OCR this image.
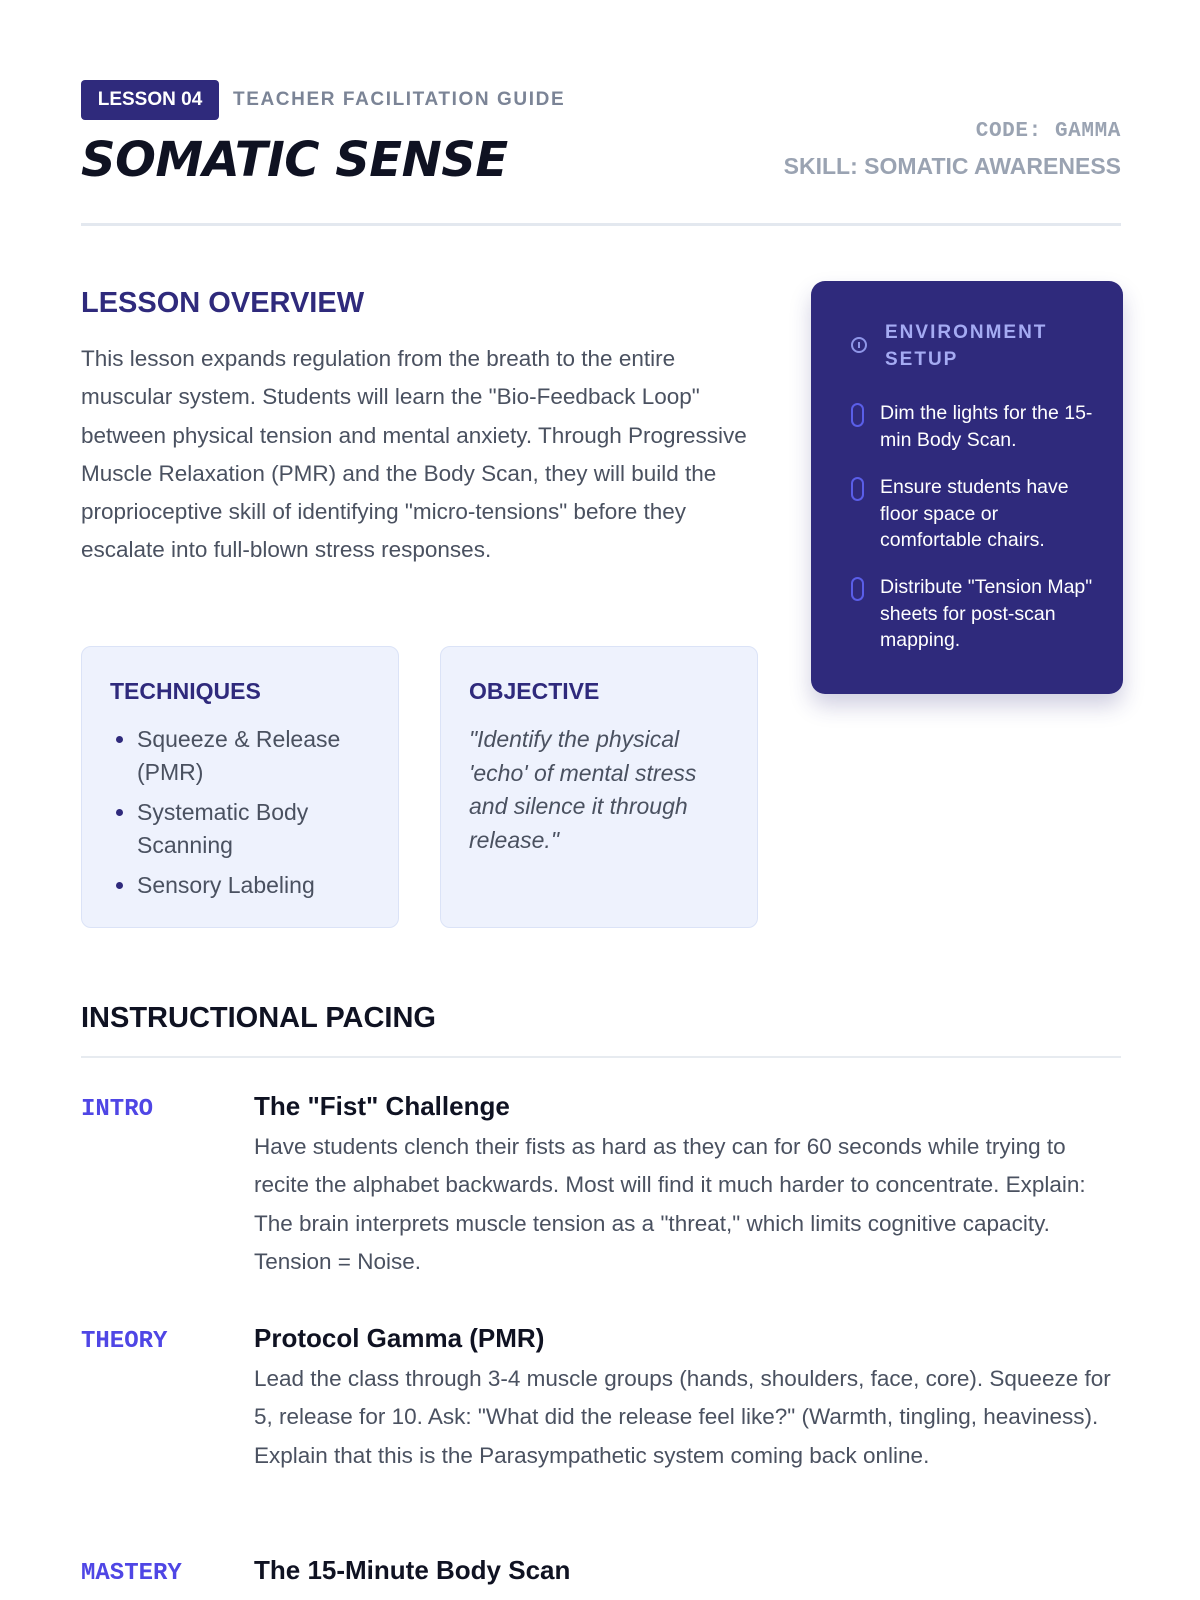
LESSON 04	TEACHER FACILITATION GUIDE
SOMATIC SENSE
CODE: GAMMA
SKILL: SOMATIC AWARENESS
LESSON OVERVIEW

This lesson expands regulation from the breath to the entire muscular system. Students will learn the "Bio-Feedback Loop" between physical tension and mental anxiety. Through Progressive Muscle Relaxation (PMR) and the Body Scan, they will build the proprioceptive skill of identifying "micro-tensions" before they escalate into full-blown stress responses.

TECHNIQUES
• Squeeze & Release (PMR)
• Systematic Body Scanning
• Sensory Labeling
OBJECTIVE

"Identify the physical 'echo' of mental stress and silence it through release."

ENVIRONMENT SETUP
Dim the lights for the 15-min Body Scan.
Ensure students have floor space or comfortable chairs.
Distribute "Tension Map" sheets for post-scan mapping.
INSTRUCTIONAL PACING
INTRO	The "Fist" Challenge

Have students clench their fists as hard as they can for 60 seconds while trying to recite the alphabet backwards. Most will find it much harder to concentrate. Explain: The brain interprets muscle tension as a "threat," which limits cognitive capacity. Tension = Noise.

THEORY	Protocol Gamma (PMR)

Lead the class through 3-4 muscle groups (hands, shoulders, face, core). Squeeze for 5, release for 10. Ask: "What did the release feel like?" (Warmth, tingling, heaviness). Explain that this is the Parasympathetic system coming back online.

MASTERY	The 15-Minute Body Scan
